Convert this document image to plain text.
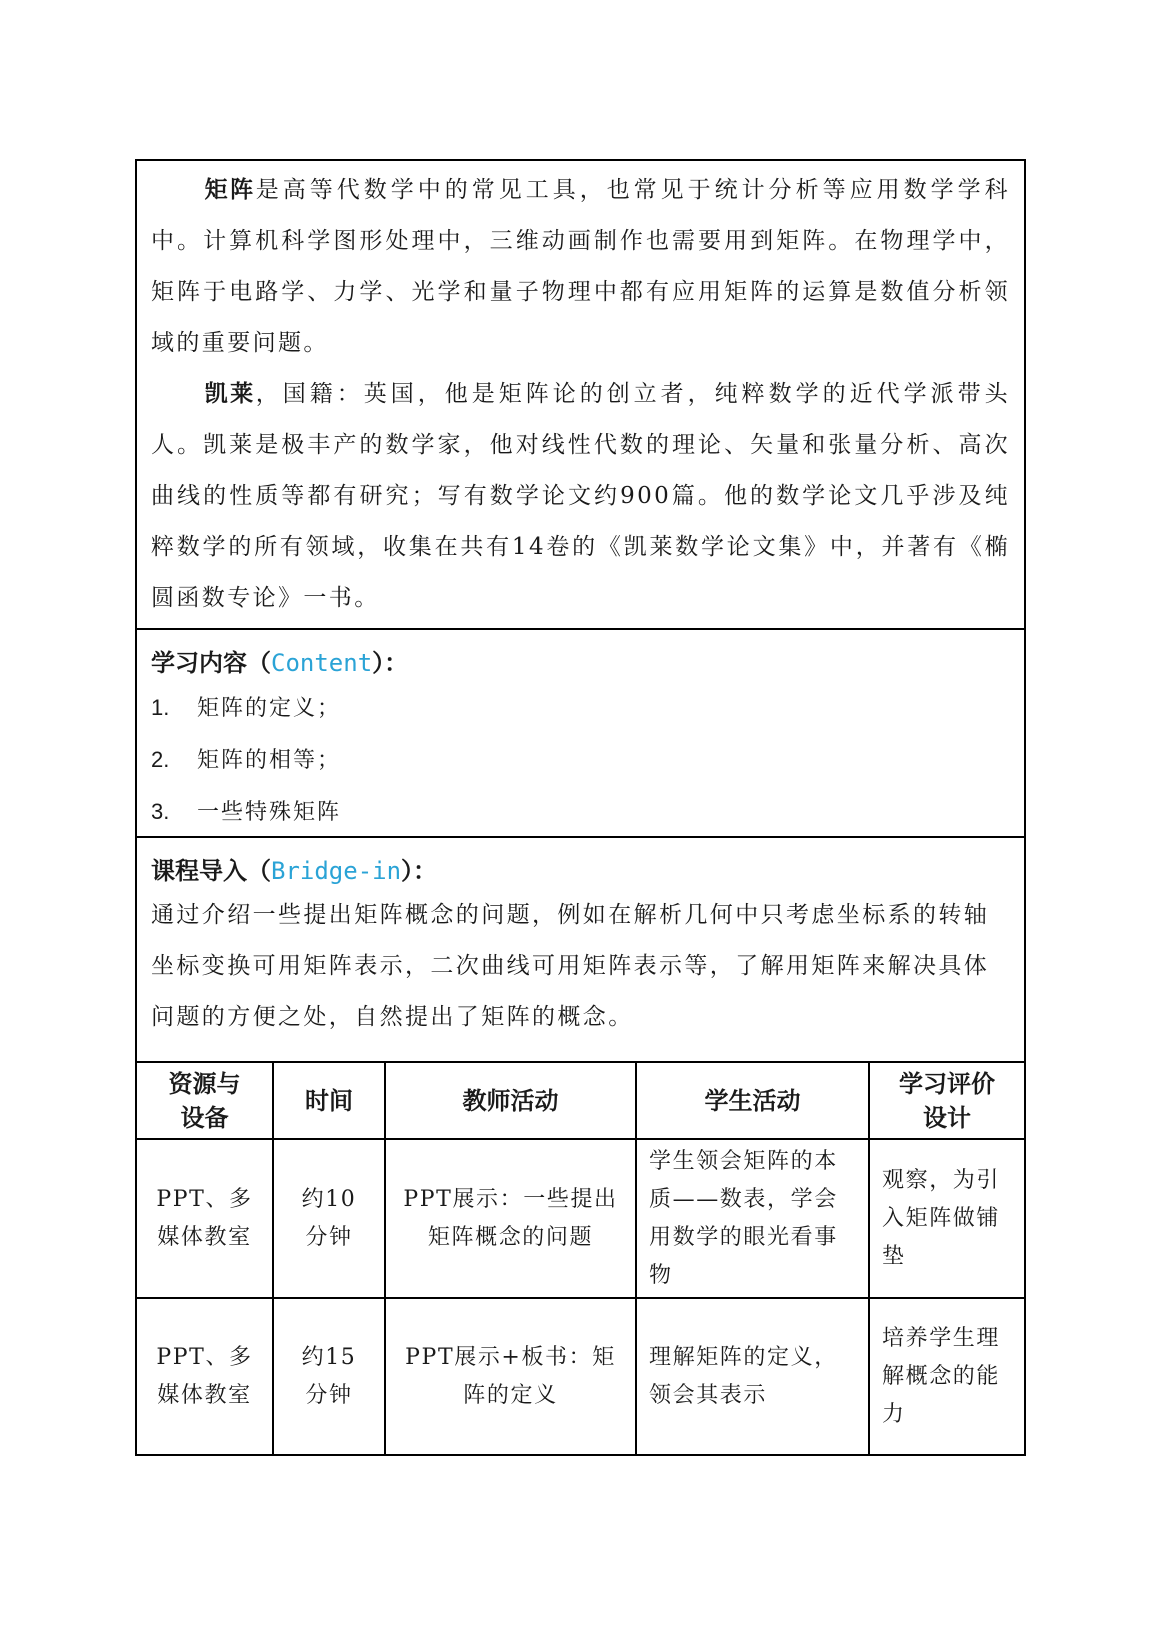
矩阵是高等代数学中的常见工具，也常见于统计分析等应用数学学科中。计算机科学图形处理中，三维动画制作也需要用到矩阵。在物理学中，矩阵于电路学、力学、光学和量子物理中都有应用矩阵的运算是数值分析领域的重要问题。

凯莱，国籍：英国，他是矩阵论的创立者，纯粹数学的近代学派带头人。凯莱是极丰产的数学家，他对线性代数的理论、矢量和张量分析、高次曲线的性质等都有研究；写有数学论文约900篇。他的数学论文几乎涉及纯粹数学的所有领域，收集在共有14卷的《凯莱数学论文集》中，并著有《椭圆函数专论》一书。

学习内容（Content）：

1. 矩阵的定义；

2. 矩阵的相等；

3. 一些特殊矩阵

课程导入（Bridge-in）：

通过介绍一些提出矩阵概念的问题，例如在解析几何中只考虑坐标系的转轴坐标变换可用矩阵表示，二次曲线可用矩阵表示等，了解用矩阵来解决具体问题的方便之处，自然提出了矩阵的概念。

资源与设备	时间	教师活动	学生活动	学习评价设计
PPT、多媒体教室	约10分钟	PPT展示：一些提出矩阵概念的问题	学生领会矩阵的本质——数表，学会用数学的眼光看事物	观察，为引入矩阵做铺垫
PPT、多媒体教室	约15分钟	PPT展示+板书：矩阵的定义	理解矩阵的定义，领会其表示	培养学生理解概念的能力
